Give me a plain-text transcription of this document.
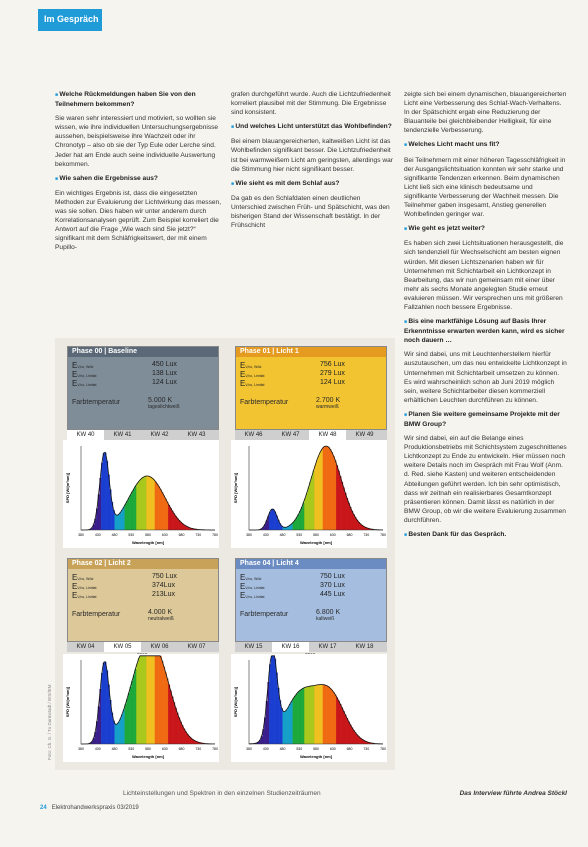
Im Gespräch

■ Welche Rückmeldungen haben Sie von den Teilnehmern bekommen?

Sie waren sehr interessiert und motiviert, so wollten sie wissen, wie ihre individuellen Untersuchungsergebnisse aussehen, beispielsweise ihre Wachzeit oder ihr Chronotyp – also ob sie der Typ Eule oder Lerche sind. Jeder hat am Ende auch seine individuelle Auswertung bekommen.

■ Wie sahen die Ergebnisse aus?

Ein wichtiges Ergebnis ist, dass die eingesetzten Methoden zur Evaluierung der Lichtwirkung das messen, was sie sollen. Dies haben wir unter anderem durch Korrelationsanalysen geprüft. Zum Beispiel korreliert die Antwort auf die Frage „Wie wach sind Sie jetzt?“ signifikant mit dem Schläfrigkeitswert, der mit einem Pupillo-

grafen durchgeführt wurde. Auch die Lichtzufriedenheit korreliert plausibel mit der Stimmung. Die Ergebnisse sind konsistent.

■ Und welches Licht unterstützt das Wohlbefinden?

Bei einem blauangereicherten, kaltweißen Licht ist das Wohlbefinden signifikant besser. Die Lichtzufriedenheit ist bei warmweißem Licht am geringsten, allerdings war die Stimmung hier nicht signifikant besser.

■ Wie sieht es mit dem Schlaf aus?

Da gab es den Schlafdaten einen deutlichen Unterschied zwischen Früh- und Spätschicht, was den bisherigen Stand der Wissenschaft bestätigt. In der Frühschicht

zeigte sich bei einem dynamischen, blauangereicherten Licht eine Verbesserung des Schlaf-Wach-Verhaltens. In der Spätschicht ergab eine Reduzierung der Blauanteile bei gleichbleibender Helligkeit, für eine tendenzielle Verbesserung.

■ Welches Licht macht uns fit?

Bei Teilnehmern mit einer höheren Tagesschläfrigkeit in der Ausgangslichtsituation konnten wir sehr starke und signifikante Tendenzen erkennen. Beim dynamischen Licht ließ sich eine klinisch bedeutsame und signifikante Verbesserung der Wachheit messen. Die Teilnehmer gaben insgesamt, Anstieg generellen Wohlbefinden geringer war.

■ Wie geht es jetzt weiter?

Es haben sich zwei Lichtsituationen herausgestellt, die sich tendenziell für Wechselschicht am besten eignen würden. Mit diesen Lichtszenarien haben wir für Unternehmen mit Schichtarbeit ein Lichtkonzept in Bearbeitung, das wir nun gemeinsam mit einer über mehr als sechs Monate angelegten Studie erneut evaluieren müssen. Wir versprechen uns mit größeren Fallzahlen noch bessere Ergebnisse.

■ Bis eine marktfähige Lösung auf Basis Ihrer Erkenntnisse erwarten werden kann, wird es sicher noch dauern …

Wir sind dabei, uns mit Leuchtenherstellern hierfür auszutauschen, um das neu entwickelte Lichtkonzept in Unternehmen mit Schichtarbeit umsetzen zu können. Es wird wahrscheinlich schon ab Juni 2019 möglich sein, weitere Schichtarbeiter diesen kommerziell erhältlichen Leuchten durchführen zu können.

■ Planen Sie weitere gemeinsame Projekte mit der BMW Group?

Wir sind dabei, ein auf die Belange eines Produktionsbetriebs mit Schichtsystem zugeschnittenes Lichtkonzept zu Ende zu entwickeln. Hier müssen noch weitere Details noch im Gespräch mit Frau Wolf (Anm. d. Red. siehe Kasten) und weiteren entscheidenden Abteilungen geführt werden. Ich bin sehr optimistisch, dass wir zeitnah ein realisierbares Gesamtkonzept präsentieren können. Damit lässt es natürlich in der BMW Group, ob wir die weitere Evaluierung zusammen durchführen.

■ Besten Dank für das Gespräch.

Phase 00 | Baseline
EV,ho, Wöd	450 Lux
EV,ho, Limitat	138 Lux
EV,ho, Limitat	124 Lux
Farbtemperatur	5.000 K
tageslichtweiß
KW 40	KW 41	KW 42	KW 43
Phase 01 | Licht 1
EV,ho, Wöd	756 Lux
EV,ho, Limitat	279 Lux
EV,ho, Limitat	124 Lux
Farbtemperatur	2.700 K
warmweiß
KW 46	KW 47	KW 48	KW 49
Phase 02 | Licht 2
EV,ho, Wöd	750 Lux
EV,ho, Limitat	374Lux
EV,ho, Limitat	213Lux
Farbtemperatur	4.000 K
neutralweiß
KW 04	KW 05	KW 06	KW 07
Phase 04 | Licht 4
EV,ho, Wöd	750 Lux
EV,ho, Limitat	370 Lux
EV,ho, Limitat	445 Lux
Farbtemperatur	6.800 K
kaltweiß
KW 15	KW 16	KW 17	KW 18
380	430	480	530	580	630	680	730	780
Wavelength [nm]
SPD [W/(m²nm)]
380	430	480	530	580	630	680	730	780
Wavelength [nm]
SPD [W/(m²nm)]
380	430	480	530	580	630	680	730	780
Wavelength [nm]
SPD [W/(m²nm)]
380	430	480	530	580	630	680	730	780
Wavelength [nm]
SPD [W/(m²nm)]
Foto: Ch. G. / Tu Darmstadt / IES/IEM
Lichteinstellungen und Spektren in den einzelnen Studienzeiträumen	Das Interview führte Andrea Stöckl
24 Elektrohandwerkspraxis 03/2019
